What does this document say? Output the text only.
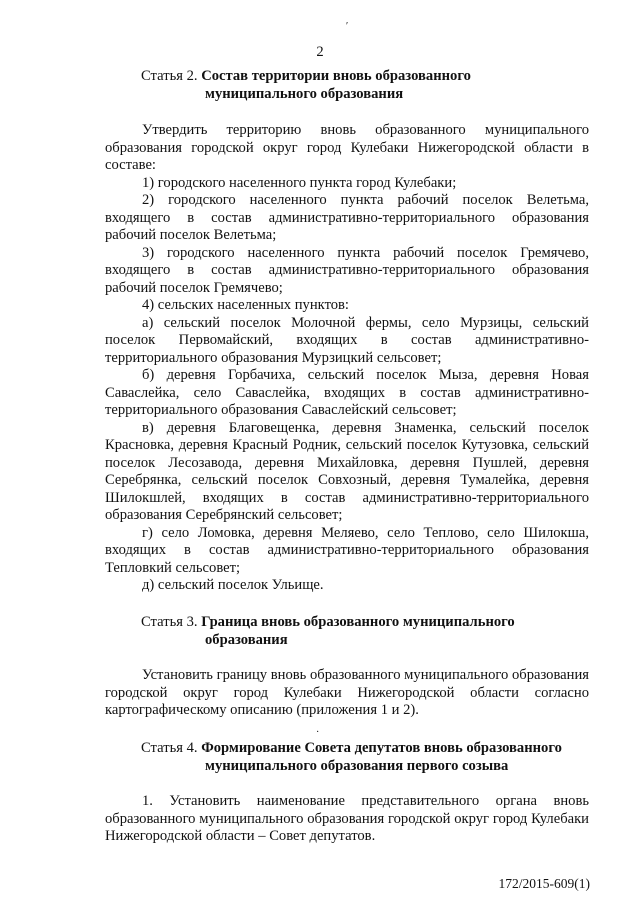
ʹ
2
Статья 2. Состав территории вновь образованного
муниципального образования

Утвердить территорию вновь образованного муниципального образования городской округ город Кулебаки Нижегородской области в составе:

1) городского населенного пункта город Кулебаки;

2) городского населенного пункта рабочий поселок Велетьма, входящего в состав административно-территориального образования рабочий поселок Велетьма;

3) городского населенного пункта рабочий поселок Гремячево, входящего в состав административно-территориального образования рабочий поселок Гремячево;

4) сельских населенных пунктов:

а) сельский поселок Молочной фермы, село Мурзицы, сельский поселок Первомайский, входящих в состав административно-территориального образования Мурзицкий сельсовет;

б) деревня Горбачиха, сельский поселок Мыза, деревня Новая Саваслейка, село Саваслейка, входящих в состав административно-территориального образования Саваслейский сельсовет;

в) деревня Благовещенка, деревня Знаменка, сельский поселок Красновка, деревня Красный Родник, сельский поселок Кутузовка, сельский поселок Лесозавода, деревня Михайловка, деревня Пушлей, деревня Серебрянка, сельский поселок Совхозный, деревня Тумалейка, деревня Шилокшлей, входящих в состав административно-территориального образования Серебрянский сельсовет;

г) село Ломовка, деревня Меляево, село Теплово, село Шилокша, входящих в состав административно-территориального образования Тепловкий сельсовет;

д) сельский поселок Ульище.

Статья 3. Граница вновь образованного муниципального
образования

Установить границу вновь образованного муниципального образования городской округ город Кулебаки Нижегородской области согласно картографическому описанию (приложения 1 и 2).

·
Статья 4. Формирование Совета депутатов вновь образованного
муниципального образования первого созыва

1. Установить наименование представительного органа вновь образованного муниципального образования городской округ город Кулебаки Нижегородской области – Совет депутатов.

172/2015-609(1)
